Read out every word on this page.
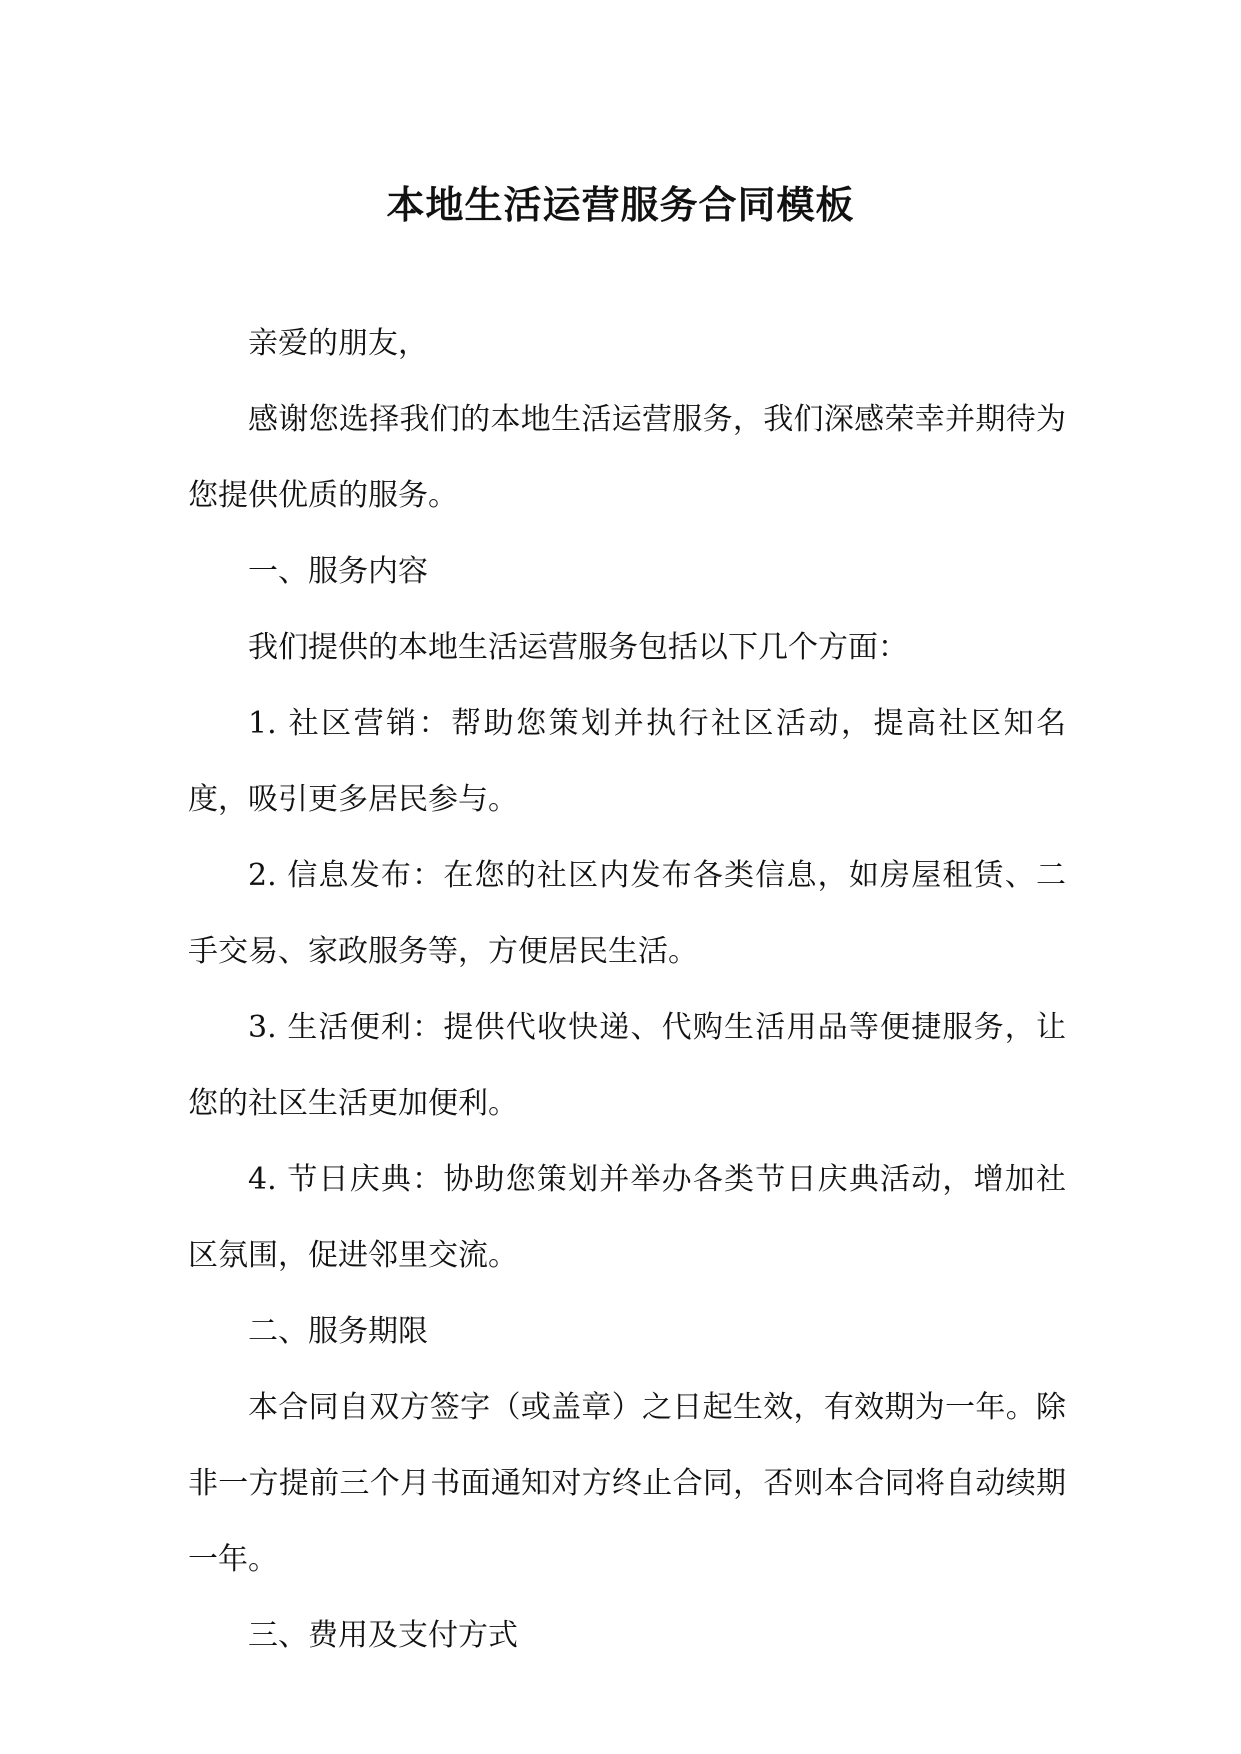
本地生活运营服务合同模板

亲爱的朋友，

感谢您选择我们的本地生活运营服务，我们深感荣幸并期待为您提供优质的服务。

一、服务内容

我们提供的本地生活运营服务包括以下几个方面：

1. 社区营销：帮助您策划并执行社区活动，提高社区知名度，吸引更多居民参与。

2. 信息发布：在您的社区内发布各类信息，如房屋租赁、二手交易、家政服务等，方便居民生活。

3. 生活便利：提供代收快递、代购生活用品等便捷服务，让您的社区生活更加便利。

4. 节日庆典：协助您策划并举办各类节日庆典活动，增加社区氛围，促进邻里交流。

二、服务期限

本合同自双方签字（或盖章）之日起生效，有效期为一年。除非一方提前三个月书面通知对方终止合同，否则本合同将自动续期一年。

三、费用及支付方式
